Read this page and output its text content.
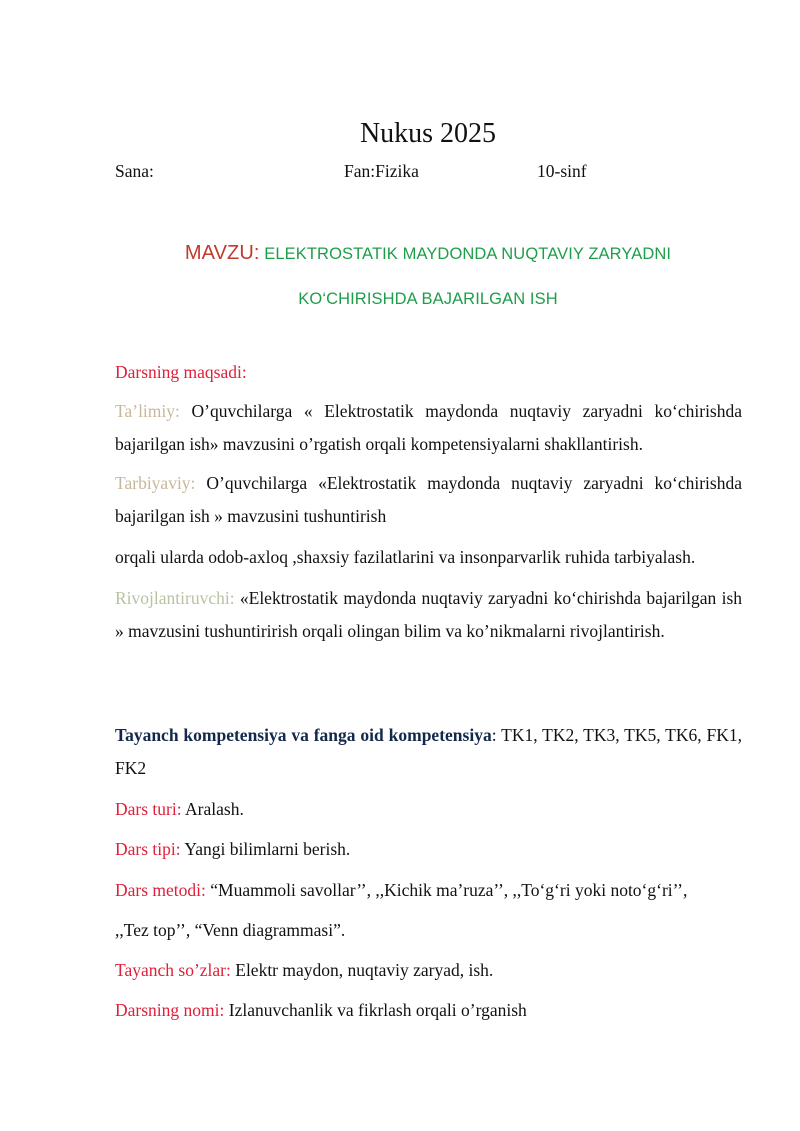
Nukus 2025
Sana:	Fan:Fizika	10-sinf
MAVZU: ELEKTROSTATIK MAYDONDA NUQTAVIY ZARYADNI
KO‘CHIRISHDA BAJARILGAN ISH
Darsning maqsadi:
Ta’limiy: O’quvchilarga « Elektrostatik maydonda nuqtaviy zaryadni ko‘chirishda bajarilgan ish» mavzusini o’rgatish orqali kompetensiyalarni shakllantirish.
Tarbiyaviy: O’quvchilarga «Elektrostatik maydonda nuqtaviy zaryadni ko‘chirishda bajarilgan ish » mavzusini tushuntirish
orqali ularda odob-axloq ,shaxsiy fazilatlarini va insonparvarlik ruhida tarbiyalash.
Rivojlantiruvchi: «Elektrostatik maydonda nuqtaviy zaryadni ko‘chirishda bajarilgan ish » mavzusini tushuntirirish orqali olingan bilim va ko’nikmalarni rivojlantirish.
Tayanch kompetensiya va fanga oid kompetensiya: TK1, TK2, TK3, TK5, TK6, FK1, FK2
Dars turi: Aralash.
Dars tipi: Yangi bilimlarni berish.
Dars metodi: “Muammoli savollar’’, ,,Kichik ma’ruza’’, ,,To‘g‘ri yoki noto‘g‘ri’’,
,,Tez top’’, “Venn diagrammasi”.
Tayanch so’zlar: Elektr maydon, nuqtaviy zaryad, ish.
Darsning nomi: Izlanuvchanlik va fikrlash orqali o’rganish
